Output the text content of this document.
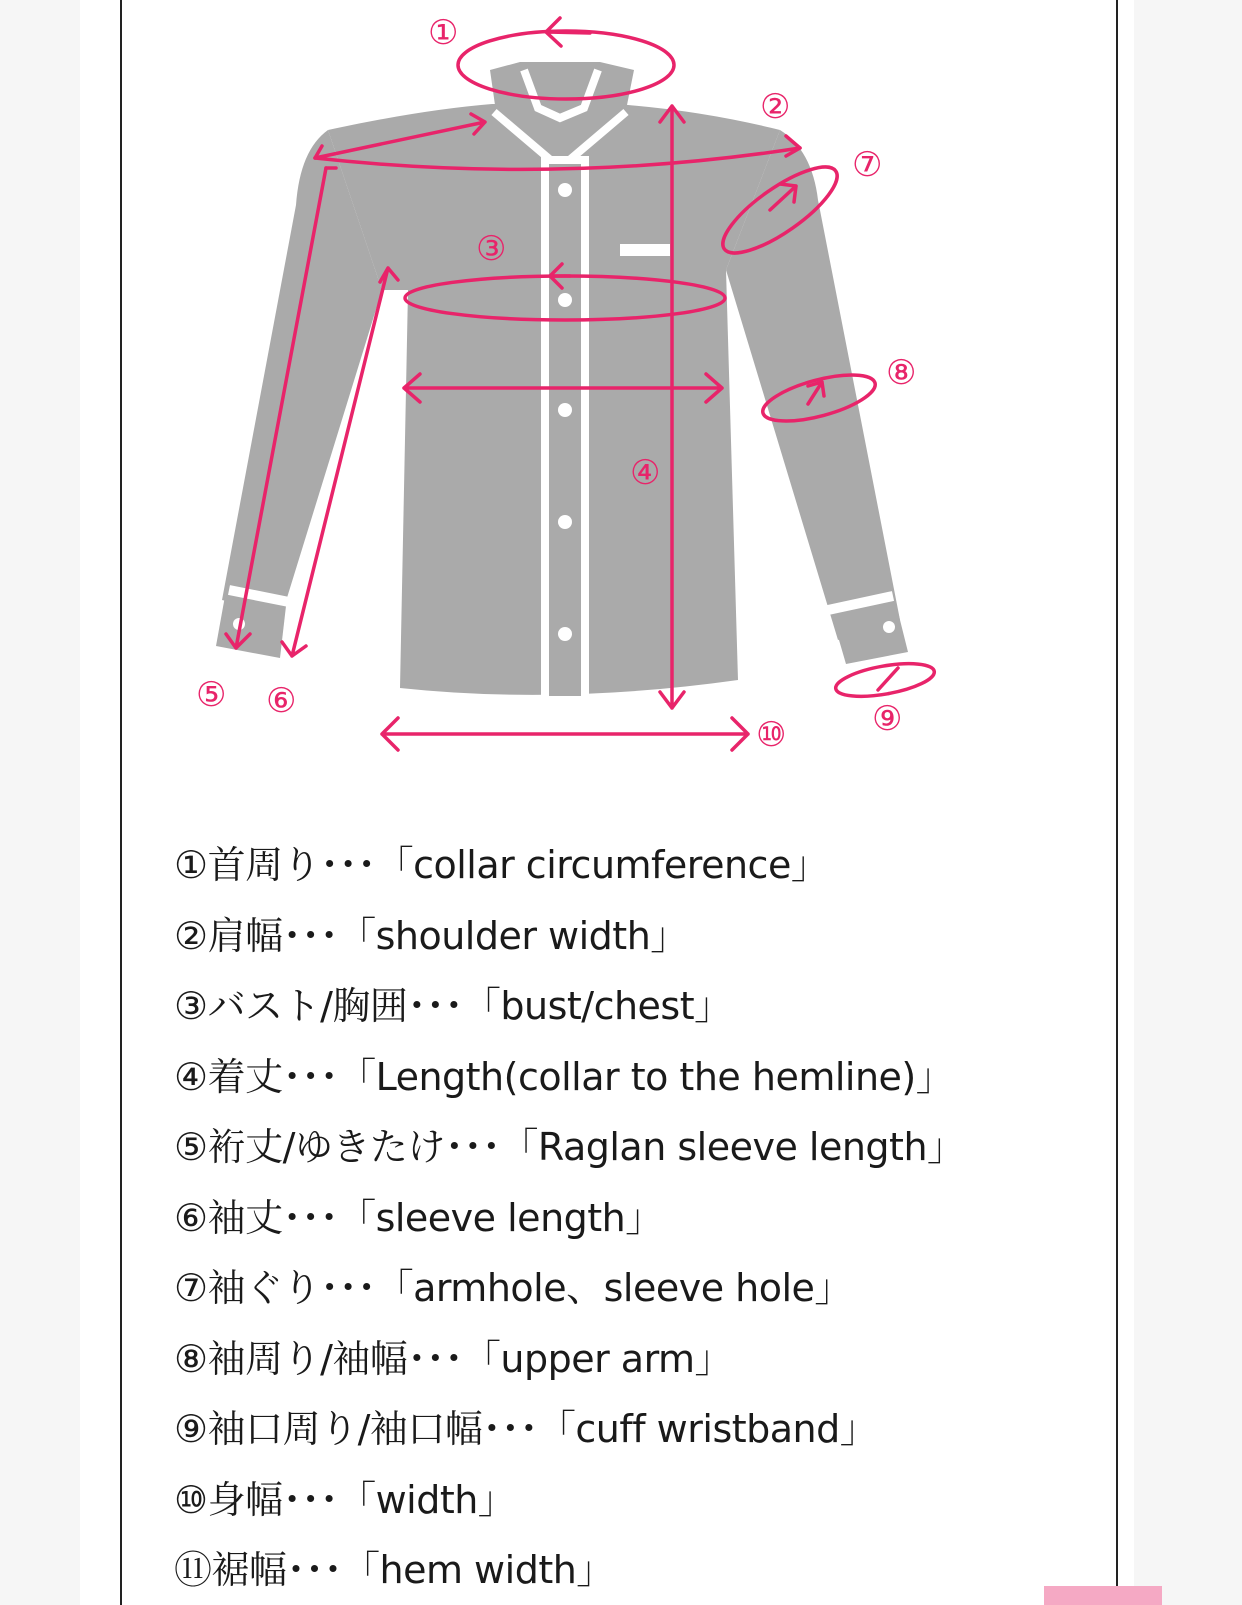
①
②
③
④
⑤ ⑥
⑦
⑧
⑨
⑩
①首周り･･･「collar circumference」
②肩幅･･･「shoulder width」
③バスト/胸囲･･･「bust/chest」
④着丈･･･「Length(collar to the hemline)」
⑤裄丈/ゆきたけ･･･「Raglan sleeve length」
⑥袖丈･･･「sleeve length」
⑦袖ぐり･･･「armhole、sleeve hole」
⑧袖周り/袖幅･･･「upper arm」
⑨袖口周り/袖口幅･･･「cuff wristband」
⑩身幅･･･「width」
⑪裾幅･･･「hem width」
